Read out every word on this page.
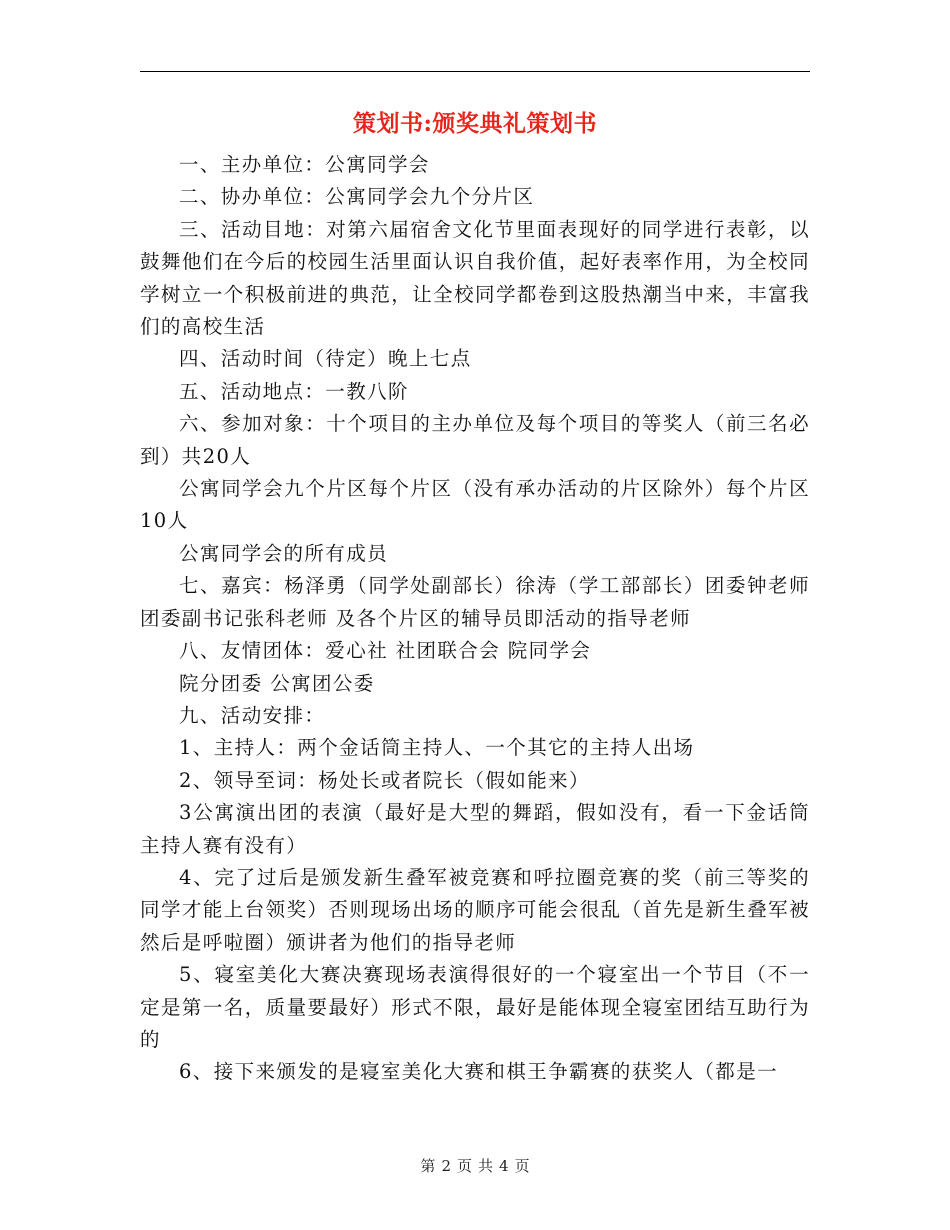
策划书:颁奖典礼策划书

一、主办单位：公寓同学会

二、协办单位：公寓同学会九个分片区

三、活动目地：对第六届宿舍文化节里面表现好的同学进行表彰，以鼓舞他们在今后的校园生活里面认识自我价值，起好表率作用，为全校同学树立一个积极前进的典范，让全校同学都卷到这股热潮当中来，丰富我们的高校生活

四、活动时间（待定）晚上七点

五、活动地点：一教八阶

六、参加对象：十个项目的主办单位及每个项目的等奖人（前三名必到）共20人

公寓同学会九个片区每个片区（没有承办活动的片区除外）每个片区10人

公寓同学会的所有成员

七、嘉宾：杨泽勇（同学处副部长）徐涛（学工部部长）团委钟老师 团委副书记张科老师 及各个片区的辅导员即活动的指导老师

八、友情团体：爱心社 社团联合会 院同学会

院分团委 公寓团公委

九、活动安排：

1、主持人：两个金话筒主持人、一个其它的主持人出场

2、领导至词：杨处长或者院长（假如能来）

3公寓演出团的表演（最好是大型的舞蹈，假如没有，看一下金话筒主持人赛有没有）

4、完了过后是颁发新生叠军被竞赛和呼拉圈竞赛的奖（前三等奖的同学才能上台领奖）否则现场出场的顺序可能会很乱（首先是新生叠军被然后是呼啦圈）颁讲者为他们的指导老师

5、寝室美化大赛决赛现场表演得很好的一个寝室出一个节目（不一定是第一名，质量要最好）形式不限，最好是能体现全寝室团结互助行为的

6、接下来颁发的是寝室美化大赛和棋王争霸赛的获奖人（都是一

第 2 页 共 4 页
